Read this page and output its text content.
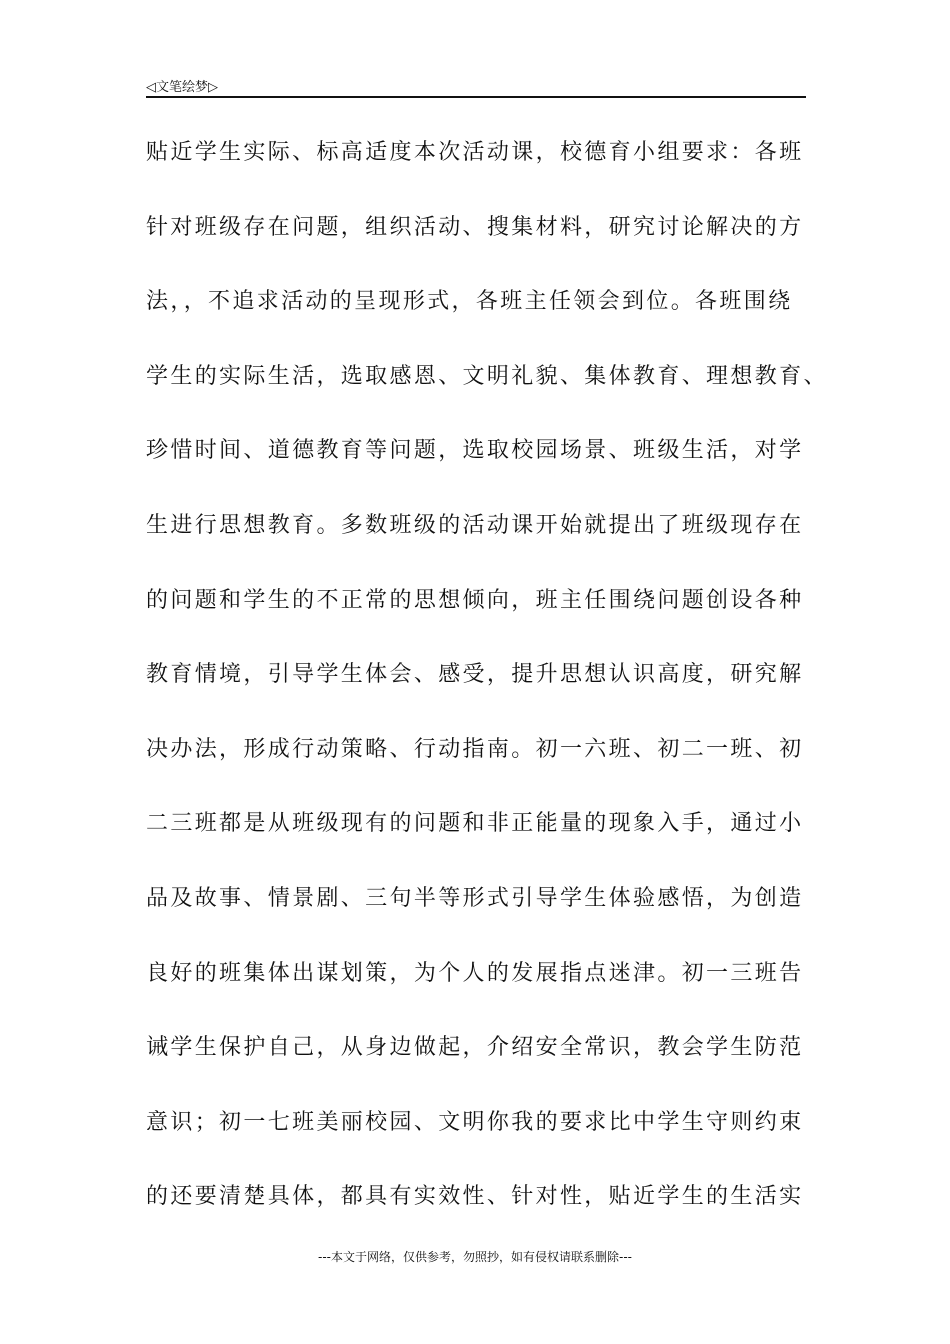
◁文笔绘梦▷
贴近学生实际、标高适度本次活动课，校德育小组要求：各班
针对班级存在问题，组织活动、搜集材料，研究讨论解决的方
法，，不追求活动的呈现形式，各班主任领会到位。各班围绕
学生的实际生活，选取感恩、文明礼貌、集体教育、理想教育、
珍惜时间、道德教育等问题，选取校园场景、班级生活，对学
生进行思想教育。多数班级的活动课开始就提出了班级现存在
的问题和学生的不正常的思想倾向，班主任围绕问题创设各种
教育情境，引导学生体会、感受，提升思想认识高度，研究解
决办法，形成行动策略、行动指南。初一六班、初二一班、初
二三班都是从班级现有的问题和非正能量的现象入手，通过小
品及故事、情景剧、三句半等形式引导学生体验感悟，为创造
良好的班集体出谋划策，为个人的发展指点迷津。初一三班告
诫学生保护自己，从身边做起，介绍安全常识，教会学生防范
意识；初一七班美丽校园、文明你我的要求比中学生守则约束
的还要清楚具体，都具有实效性、针对性，贴近学生的生活实
---本文于网络，仅供参考，勿照抄，如有侵权请联系删除---
